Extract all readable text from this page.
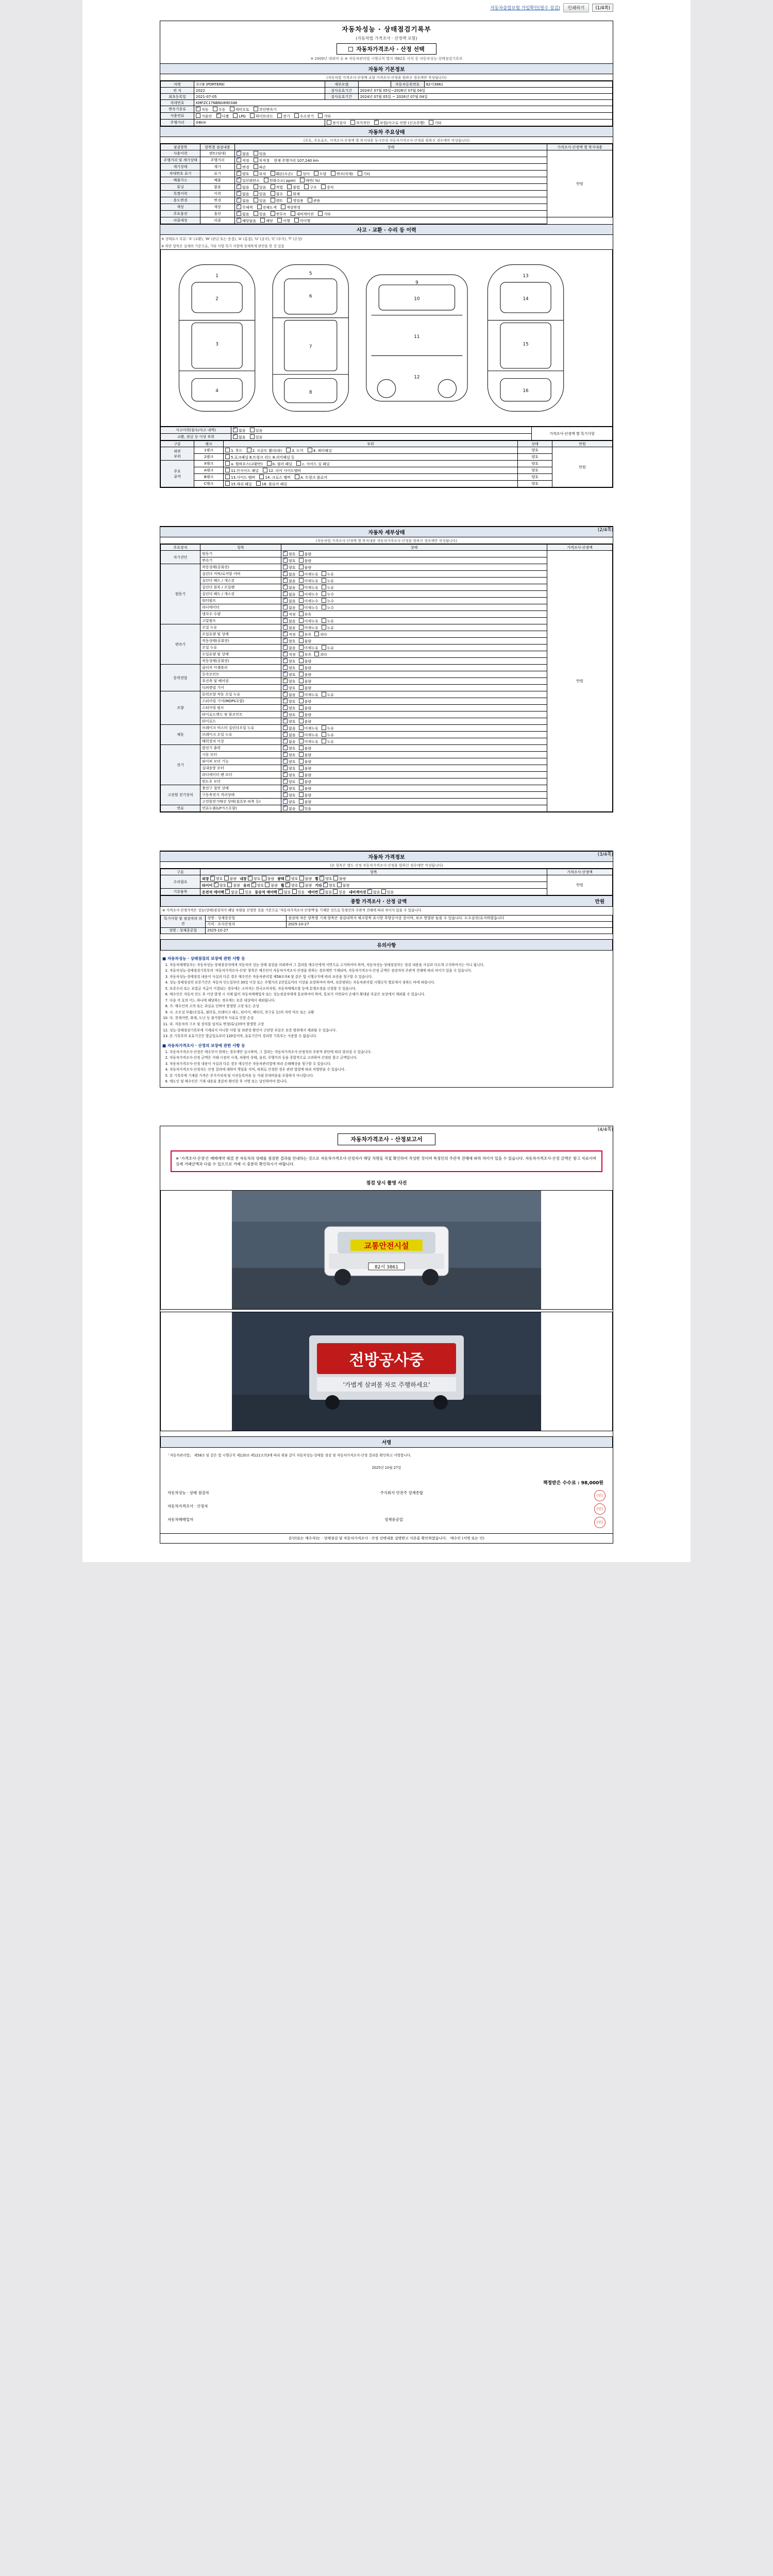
자동차종합보험 가입확인(필수 점검)	인쇄하기	(1/4쪽)
자동차성능 · 상태점검기록부
(자동차법 가격조사 · 산정액 포함)
자동차가격조사 · 산정 선택
※ 2009년 대외비 유 ※ 자동차관리법 시행규칙 별지 제82호 서식 중 자동차성능·상태점검기록부
자동차 기본정보
(자동차법 가격조사·산정액 포함 가격조사·산정을 원하신 경우에만 작성됩니다)
차명	포터Ⅱ (PORTERⅡ)	세부모델		자동차등록번호	82서3861
연 식	2022	검사유효기간	2024년 07월 05일~2026년 07월 04일		
최초등록일	2021-07-05	검사유효기간	2024년 07월 05일 ~ 2026년 07월 04일		
차대번호	KMFZC17NBNU890346				
변속기종류	✓자동 수동 세미오토 무단변속기
사용연료	가솔린 ✓ 디젤 LPG 하이브리드 전기 수소전기 기타
주행거리	04km	정기검사 자가진단 ✓ 보험/사고로 인한 (신규주행) 기타
자동차 주요상태
(주요, 주요골조, 가격조사·산정액 별 복지내용 동시안내 자동차가격조사·산정을 원하신 경우에만 작성됩니다)
점검항목	항목별 점검내용	상태	가격조사·산정액 별 복지내용
사용이력	렌트(임대)	✓없음 있음	만원
주행거리 및 계기상태	주행거리	✓적정 부적정 현재 주행거리 107,240 km
계기상태	계기	변경 파손	
차대번호 표기	표기	✓양호 부식 훼손(오손) 상이 도말 변조(삭제) 기타
배출가스	배출	✓일산화탄소 탄화수소( ppm) 매연( %)
튜닝	없음	✓없음 있음 적법 불법 구조 장치
특별이력	이력	✓없음 있음 침수 화재
용도변경	변경	✓없음 있음 렌트 영업용 관용
색상	색상	✓무채색 전체도색 색상변경
주요옵션	옵션	✓없음 있음 썬루프 내비게이션 기타
리콜대상	리콜	✓해당없음 해당 이행 미이행
사고 · 교환 · 수리 등 이력
※ 상태표시 부분: 'X' (교환), 'W' (판금 또는 용접), 'A' (흠집), 'U' (굴곡), 'C' (부식), 'T' (손상)
※ 하단 항목은 실제의 기준으로, 기타 사항 특기 사항에 상세하게 판단을 한 것 있음
1
2
3
4
5
6
7
8
9
10
11
12
13
14
15
16
사고이력(침수/사고 내역)	✓없음 있음	가격조사·산정액 별 특기사항
교환, 판금 등 이상 부위	✓없음 있음
구분	랭크	부위	상태	만원
외판
부위	1랭크	1. 후드 2. 프론트 휀더(좌) 3. 도어 4. 쿼터패널	양호	만원
	2랭크	5.로크패널 6.트렁크 리드 8.리어패널 등	양호	
주요
골격	X랭크	a. 휠하우스(교환만) b. 필러 패널 c. 사이드 실 패널	양호	
	A랭크	11.인사이드 패널 12. 리어 사이드멤버	양호	
	B랭크	13.사이드 멤버 14. 크로스 멤버 A. 트렁크 플로어	양호	
	C랭크	15.대쉬 패널 16. 플로어 패널	양호	
(2/4쪽)
자동차 세부상태
(자동차법 가격조사·산정액 별 복지내용 자동차가격조사·산정을 원하신 경우에만 작성됩니다)
주요장치	항목	상태	가격조사·산정액
자기진단	원동기	✓양호 불량	만원
	변속기	✓양호 불량
원동기	작동상태(공회전)	✓양호 불량
	실린더 커버/로커암 커버	✓없음 미세누유 누유
	실린더 헤드 / 개스킷	✓없음 미세누유 누유
	실린더 블록 / 오일팬	✓없음 미세누유 누유
	실린더 헤드 / 개스킷	✓없음 미세누수 누수
	워터펌프	✓없음 미세누수 누수
	라디에이터	✓없음 미세누수 누수
	냉각수 수량	✓적정 부족
	고압펌프	✓없음 미세누유 누유
변속기	오일 누유	✓없음 미세누유 누유
	오일유량 및 상태	✓적정 부족 과다
	작동상태(공회전)	✓양호 불량
	오일 누유	✓없음 미세누유 누유
	오일유량 및 상태	✓적정 부족 과다
	작동상태(공회전)	✓양호 불량
동력전달	클러치 어셈블리	✓양호 불량
	등속조인트	✓양호 불량
	추진축 및 베어링	✓양호 불량
	디퍼렌셜 기어	✓양호 불량
조향	동력조향 작동 오일 누유	✓없음 미세누유 누유
	스티어링 기어(MDPS포함)	✓양호 불량
	스티어링 펌프	✓양호 불량
	타이로드엔드 및 볼조인트	✓양호 불량
	타이로드	✓양호 불량
제동	브레이크 마스터 실린더오일 누유	✓없음 미세누유 누유
	브레이크 오일 누유	✓없음 미세누유 누유
	배력장치 이상	✓없음 미세누유 누유
전기	발전기 출력	✓양호 불량
	시동 모터	✓양호 불량
	와이퍼 모터 기능	✓양호 불량
	실내송풍 모터	✓양호 불량
	라디에이터 팬 모터	✓양호 불량
	윈도우 모터	✓양호 불량
고전원 전기장치	충전구 절연 상태	✓양호 불량
	구동축전지 격리상태	✓양호 불량
	고전원전기배선 상태(접촉부·피복 등)	✓양호 불량
연료	연료누출(LP가스포함)	✓없음 있음
(3/4쪽)
자동차 가격정보
(본 항목은 별도 산정 자동차가격조사·산정을 원하신 경우에만 작성됩니다)
구분	항목	가격조사·산정액
수리필요	외장 ✓ 양호 불량 내장 ✓ 양호 불량 광택 ✓ 양호 불량 휠 ✓ 양호 불량	만원
	타이어 ✓ 양호 불량 유리 ✓ 양호 불량 휠 ✓ 양호 불량 기타 ✓ 양호 불량
기본품목	운전석 에어백 ✓ 없음 있음 동승석 에어백 ✓ 없음 있음 에어컨 ✓ 없음 있음 내비게이션 ✓ 없음 있음
종합 가격조사 · 산정 금액	만원
※ 가격조사·산정가격은 성능(상태)점검자가 해당 차량을 산정한 것을 기준으로 '자동차가격조사·산정액'을 기재한 것으로 특정인의 주관적 견해에 따라 차이가 있을 수 있습니다.
특기사항 및 점검자의 의견	성명 : 성재중공업	점검에 적은 항목별 기재 항목은 점검내역서 체크항목 표시한 후방공사중 중이며, 보조 방열판 들을 수 있습니다. 도수검진(유지하였습니다
	가격 · 조사산정자	2025-10-27
성명 : 성재중공업	2025-10-27	
유의사항
■ 자동차성능 · 상태점검의 보장에 관한 사항 등
1. 자동차매매업자는 자동차성능·상태점검자에게 자동차의 성능·상태 점검을 의뢰하여 그 결과를 매수인에게 서면으로 고지하여야 하며, 자동차성능·상태점검자는 점검 내용을 사실과 다르게 고지하여서는 아니 됩니다.
2. 자동차성능·상태점검기록부의 '자동차가격조사·산정' 항목은 매수인이 자동차가격조사·산정을 원하는 경우에만 기재되며, 자동차가격조사·산정 금액은 점검자의 주관적 견해에 따라 차이가 있을 수 있습니다.
3. 자동차성능·상태점검 내용이 사실과 다른 경우 매수인은 자동차관리법 제58조의4 및 같은 법 시행규칙에 따라 보증을 청구할 수 있습니다.
4. 성능·상태점검의 보증기간은 자동차 인도일부터 30일 이상 또는 주행거리 2천킬로미터 이상을 보장하여야 하며, 보증범위는 자동차관리법 시행규칙 별표에서 정하는 바에 따릅니다.
5. 보증수리 또는 보험금 지급이 거절되는 경우에는 소비자는 한국소비자원, 자동차매매조합 등에 분쟁조정을 신청할 수 있습니다.
6. 매수인은 자동차 인도 후 이상 발생 시 지체 없이 자동차매매업자 또는 성능점검자에게 통보하여야 하며, 통보가 지연되어 손해가 확대된 부분은 보상에서 제외될 수 있습니다.
7. 다음 각 호의 어느 하나에 해당하는 경우에는 보증 대상에서 제외됩니다.
8. 가. 매수인의 고의 또는 과실로 인하여 발생한 고장 또는 손상
9. 나. 소모성 부품(오일류, 필터류, 브레이크 패드, 타이어, 배터리, 전구류 등)의 자연 마모 또는 교환
10. 다. 천재지변, 화재, 도난 등 불가항력적 사유로 인한 손상
11. 라. 자동차의 구조 및 장치를 임의로 변경(튜닝)하여 발생한 고장
12. 성능·상태점검기록부에 기재되지 아니한 사항 및 외관상 확인이 곤란한 부분은 보증 범위에서 제외될 수 있습니다.
13. 본 기록부의 유효기간은 발급일로부터 120일이며, 유효기간이 경과한 기록부는 사용할 수 없습니다.
■ 자동차가격조사 · 산정의 보장에 관한 사항 등
1. 자동차가격조사·산정은 매수인이 원하는 경우에만 실시하며, 그 결과는 자동차가격조사·산정자의 주관적 판단에 따라 달라질 수 있습니다.
2. 자동차가격조사·산정 금액은 거래 시점의 시세, 차량의 상태, 옵션, 주행거리 등을 종합적으로 고려하여 산정된 참고 금액입니다.
3. 자동차가격조사·산정 내용이 사실과 다른 경우 매수인은 자동차관리법에 따라 손해배상을 청구할 수 있습니다.
4. 자동차가격조사·산정자는 산정 결과에 대하여 책임을 지며, 허위로 산정한 경우 관련 법령에 따라 처벌받을 수 있습니다.
5. 본 기록부에 기재된 가격은 부가가치세 및 이전등록비용 등 거래 부대비용을 포함하지 아니합니다.
6. 매도인 및 매수인은 기재 내용을 충분히 확인한 후 서명 또는 날인하여야 합니다.
(4/4쪽)
자동차가격조사 · 산정보고서
※ '가격조사·산정'은 매매계약 체결 전 자동차의 상태를 점검한 결과를 안내하는 것으로 자동차가격조사·산정자가 해당 차량을 직접 확인하여 작성한 것이며 특정인의 주관적 견해에 따라 차이가 있을 수 있습니다. 자동차가격조사·산정 금액은 참고 자료이며 실제 거래금액과 다를 수 있으므로 거래 시 충분히 확인하시기 바랍니다.
점검 당시 촬영 사진
교통안전시설
82서 3861
전방공사중
'가볍게 살펴볼 차로 주행하세요'
서명
「자동차관리법」 제58조 및 같은 법 시행규칙 제120조·제121조의3에 따라 위와 같이 자동차성능·상태를 점검 및 자동차가격조사·산정 결과를 확인하고 서명합니다.
2025년 10월 27일
책정받은 수수료 : 98,000원
자동차성능 · 상태 점검자	주식회사 안전주 성재종합
(인)
자동차가격조사 · 산정자
(인)
자동차매매업자	성재중공업
(인)
본인(또는 매수자)는 · 상태점검 및 자동차가격조사 · 산정 선택내용 설명받고 사본을 확인하였습니다. 매수인 (서명 또는 인)
